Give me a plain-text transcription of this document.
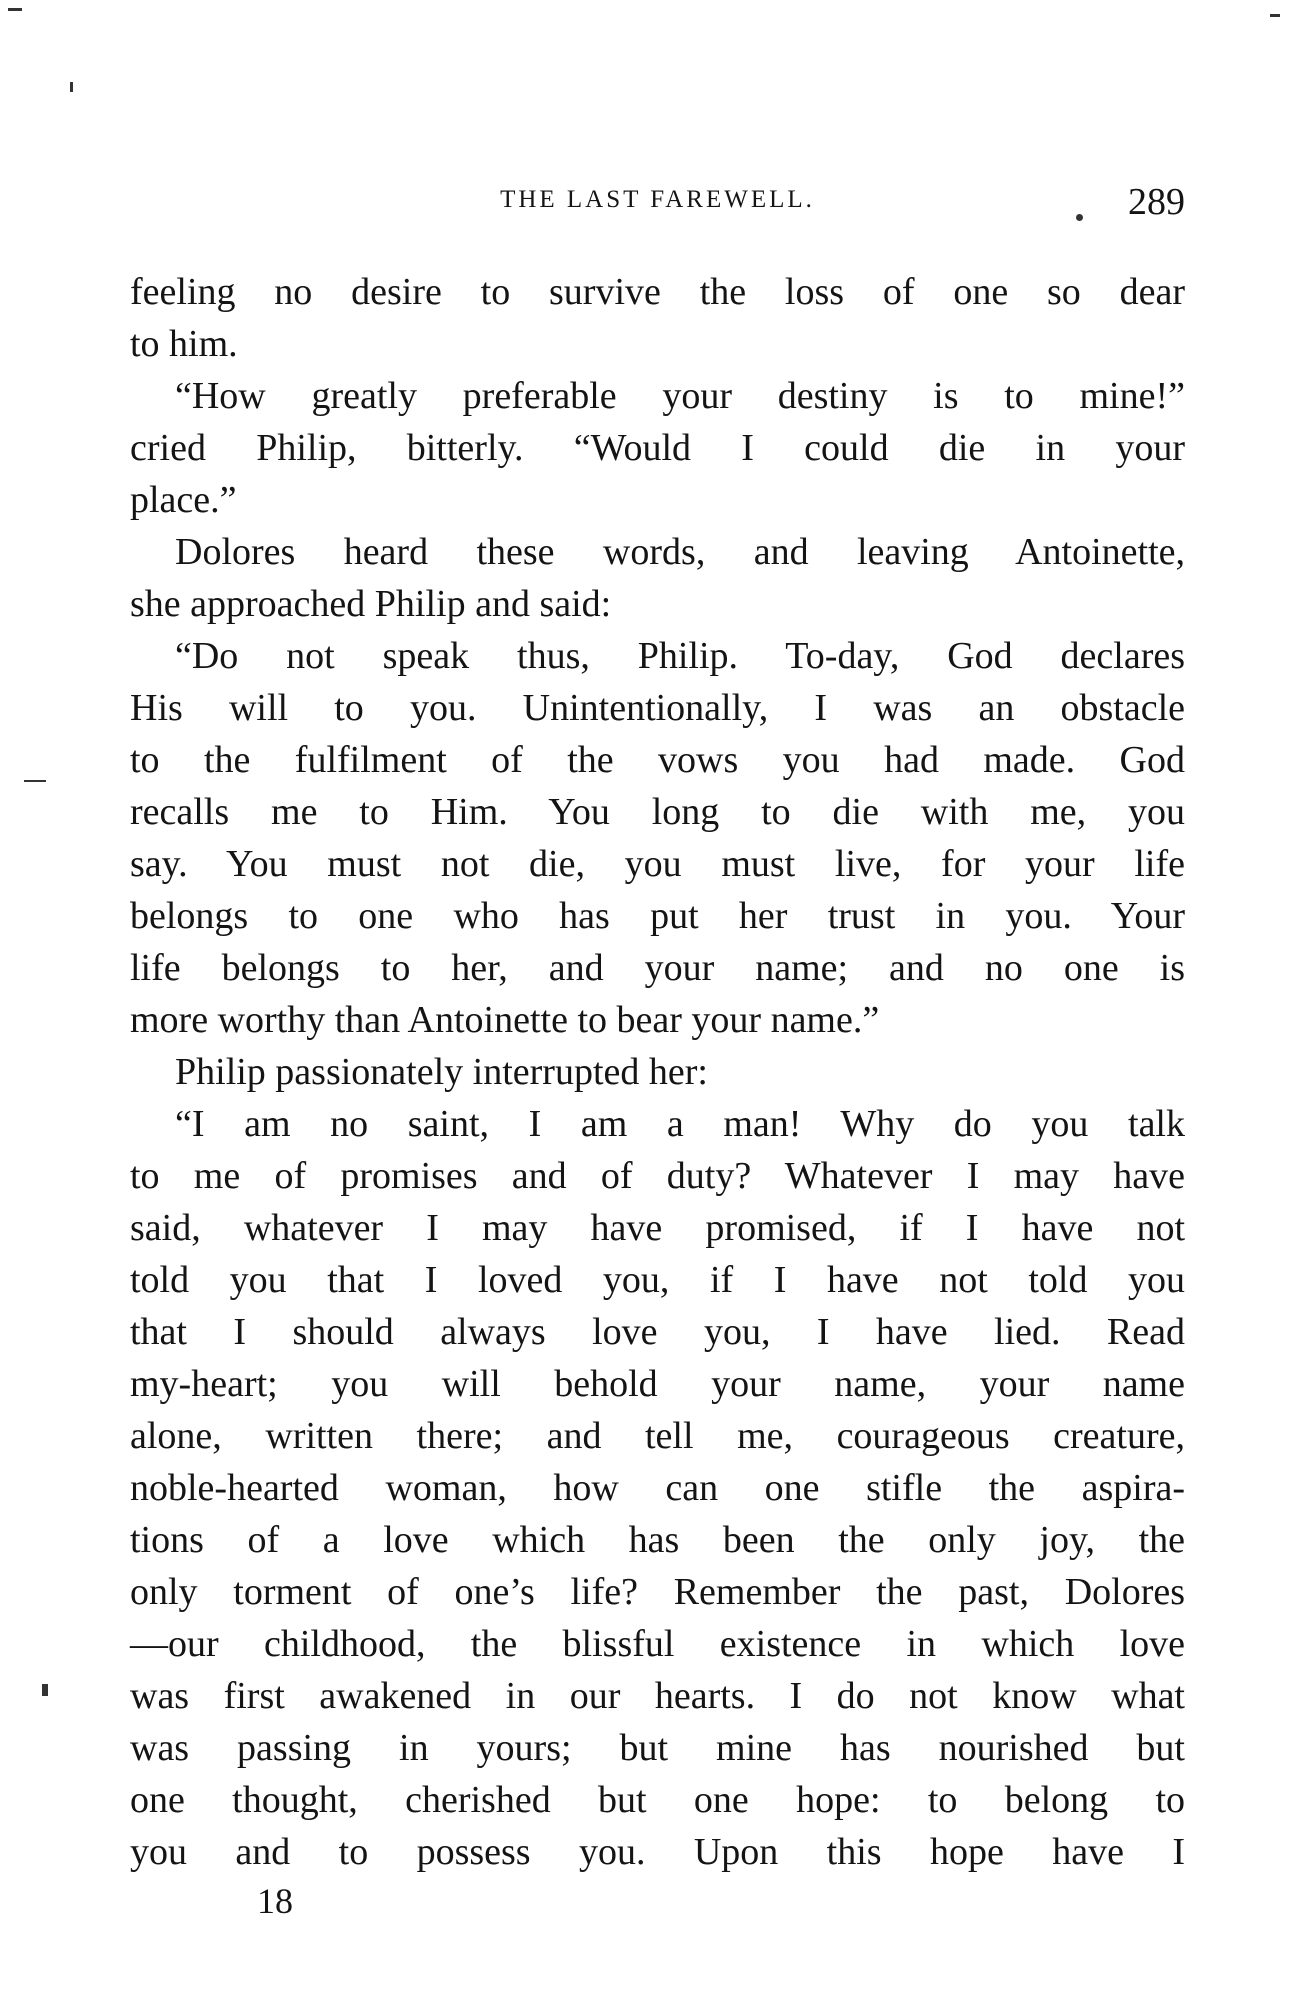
THE LAST FAREWELL.	289
feeling no desire to survive the loss of one so dear
to him.
“How greatly preferable your destiny is to mine!”
cried Philip, bitterly. “Would I could die in your
place.”
Dolores heard these words, and leaving Antoinette,
she approached Philip and said:
“Do not speak thus, Philip. To-day, God declares
His will to you. Unintentionally, I was an obstacle
to the fulfilment of the vows you had made. God
recalls me to Him. You long to die with me, you
say. You must not die, you must live, for your life
belongs to one who has put her trust in you. Your
life belongs to her, and your name; and no one is
more worthy than Antoinette to bear your name.”
Philip passionately interrupted her:
“I am no saint, I am a man! Why do you talk
to me of promises and of duty? Whatever I may have
said, whatever I may have promised, if I have not
told you that I loved you, if I have not told you
that I should always love you, I have lied. Read
my-heart; you will behold your name, your name
alone, written there; and tell me, courageous creature,
noble-hearted woman, how can one stifle the aspira-
tions of a love which has been the only joy, the
only torment of one’s life? Remember the past, Dolores
—our childhood, the blissful existence in which love
was first awakened in our hearts. I do not know what
was passing in yours; but mine has nourished but
one thought, cherished but one hope: to belong to
you and to possess you. Upon this hope have I
18
